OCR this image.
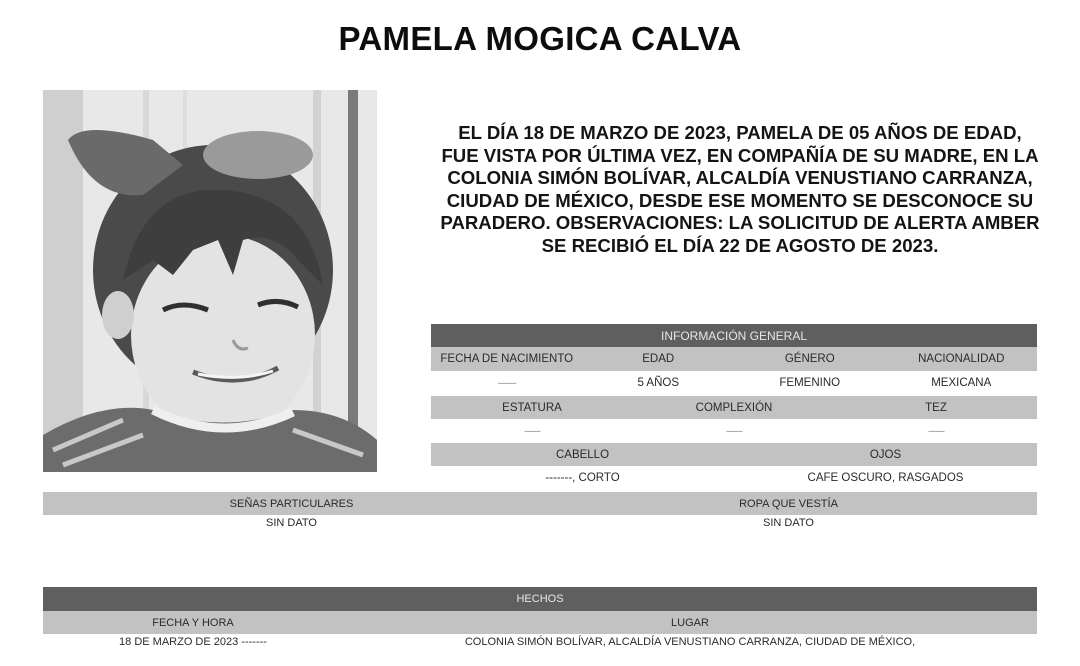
PAMELA MOGICA CALVA

EL DÍA 18 DE MARZO DE 2023, PAMELA DE 05 AÑOS DE EDAD, FUE VISTA POR ÚLTIMA VEZ, EN COMPAÑÍA DE SU MADRE, EN LA COLONIA SIMÓN BOLÍVAR, ALCALDÍA VENUSTIANO CARRANZA, CIUDAD DE MÉXICO, DESDE ESE MOMENTO SE DESCONOCE SU PARADERO. OBSERVACIONES: LA SOLICITUD DE ALERTA AMBER SE RECIBIÓ EL DÍA 22 DE AGOSTO DE 2023.

INFORMACIÓN GENERAL
FECHA DE NACIMIENTO	EDAD	GÉNERO	NACIONALIDAD
---------	5 AÑOS	FEMENINO	MEXICANA
ESTATURA	COMPLEXIÓN	TEZ
--------	--------	--------
CABELLO	OJOS
-------, CORTO	CAFE OSCURO, RASGADOS
SEÑAS PARTICULARES	ROPA QUE VESTÍA
SIN DATO	SIN DATO
HECHOS
FECHA Y HORA	LUGAR
18 DE MARZO DE 2023 -------	COLONIA SIMÓN BOLÍVAR, ALCALDÍA VENUSTIANO CARRANZA, CIUDAD DE MÉXICO,
